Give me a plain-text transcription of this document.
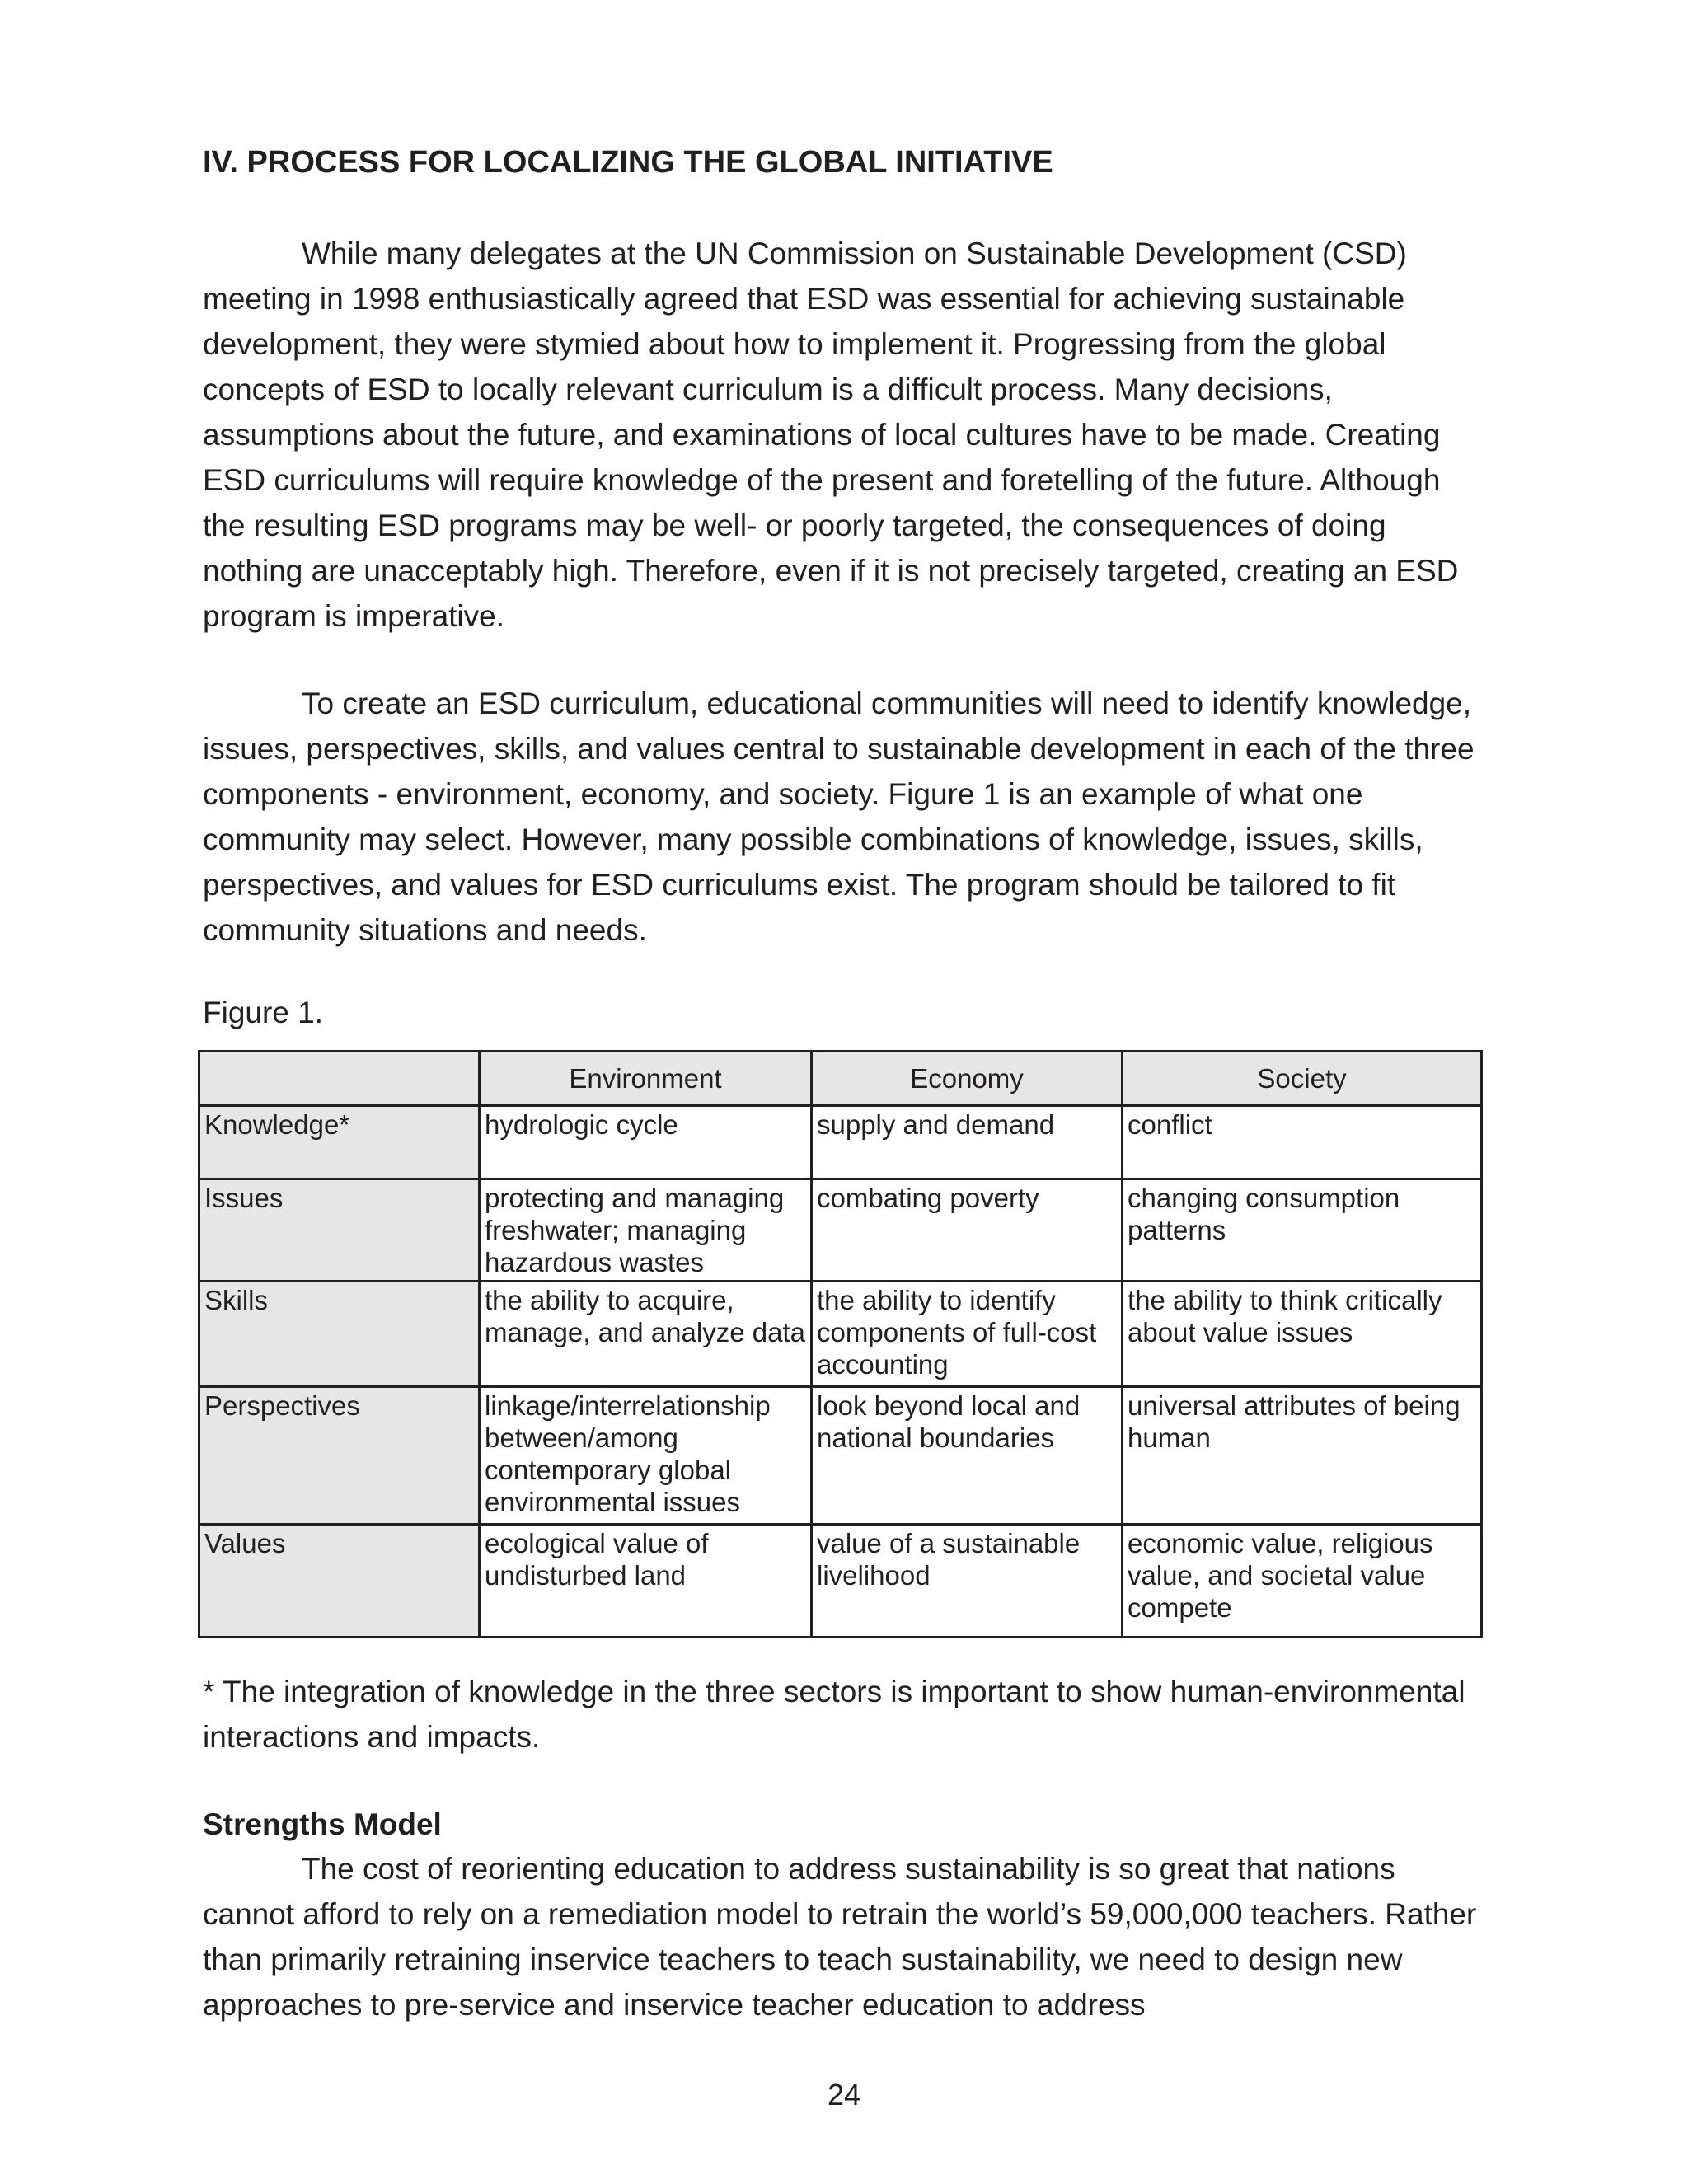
IV. PROCESS FOR LOCALIZING THE GLOBAL INITIATIVE

While many delegates at the UN Commission on Sustainable Development (CSD) meeting in 1998 enthusiastically agreed that ESD was essential for achieving sustainable development, they were stymied about how to implement it. Progressing from the global concepts of ESD to locally relevant curriculum is a difficult process. Many decisions, assumptions about the future, and examinations of local cultures have to be made. Creating ESD curriculums will require knowledge of the present and foretelling of the future. Although the resulting ESD programs may be well- or poorly targeted, the consequences of doing nothing are unacceptably high. Therefore, even if it is not precisely targeted, creating an ESD program is imperative.

To create an ESD curriculum, educational communities will need to identify knowledge, issues, perspectives, skills, and values central to sustainable development in each of the three components - environment, economy, and society. Figure 1 is an example of what one community may select. However, many possible combinations of knowledge, issues, skills, perspectives, and values for ESD curriculums exist. The program should be tailored to fit community situations and needs.

Figure 1.

	Environment	Economy	Society
Knowledge*	hydrologic cycle	supply and demand	conflict
Issues	protecting and managing freshwater; managing hazardous wastes	combating poverty	changing consumption patterns
Skills	the ability to acquire, manage, and analyze data	the ability to identify components of full-cost accounting	the ability to think critically about value issues
Perspectives	linkage/interrelationship between/among contemporary global environmental issues	look beyond local and national boundaries	universal attributes of being human
Values	ecological value of undisturbed land	value of a sustainable livelihood	economic value, religious value, and societal value compete

* The integration of knowledge in the three sectors is important to show human-environmental interactions and impacts.

Strengths Model

The cost of reorienting education to address sustainability is so great that nations cannot afford to rely on a remediation model to retrain the world’s 59,000,000 teachers. Rather than primarily retraining inservice teachers to teach sustainability, we need to design new approaches to pre-service and inservice teacher education to address

24
